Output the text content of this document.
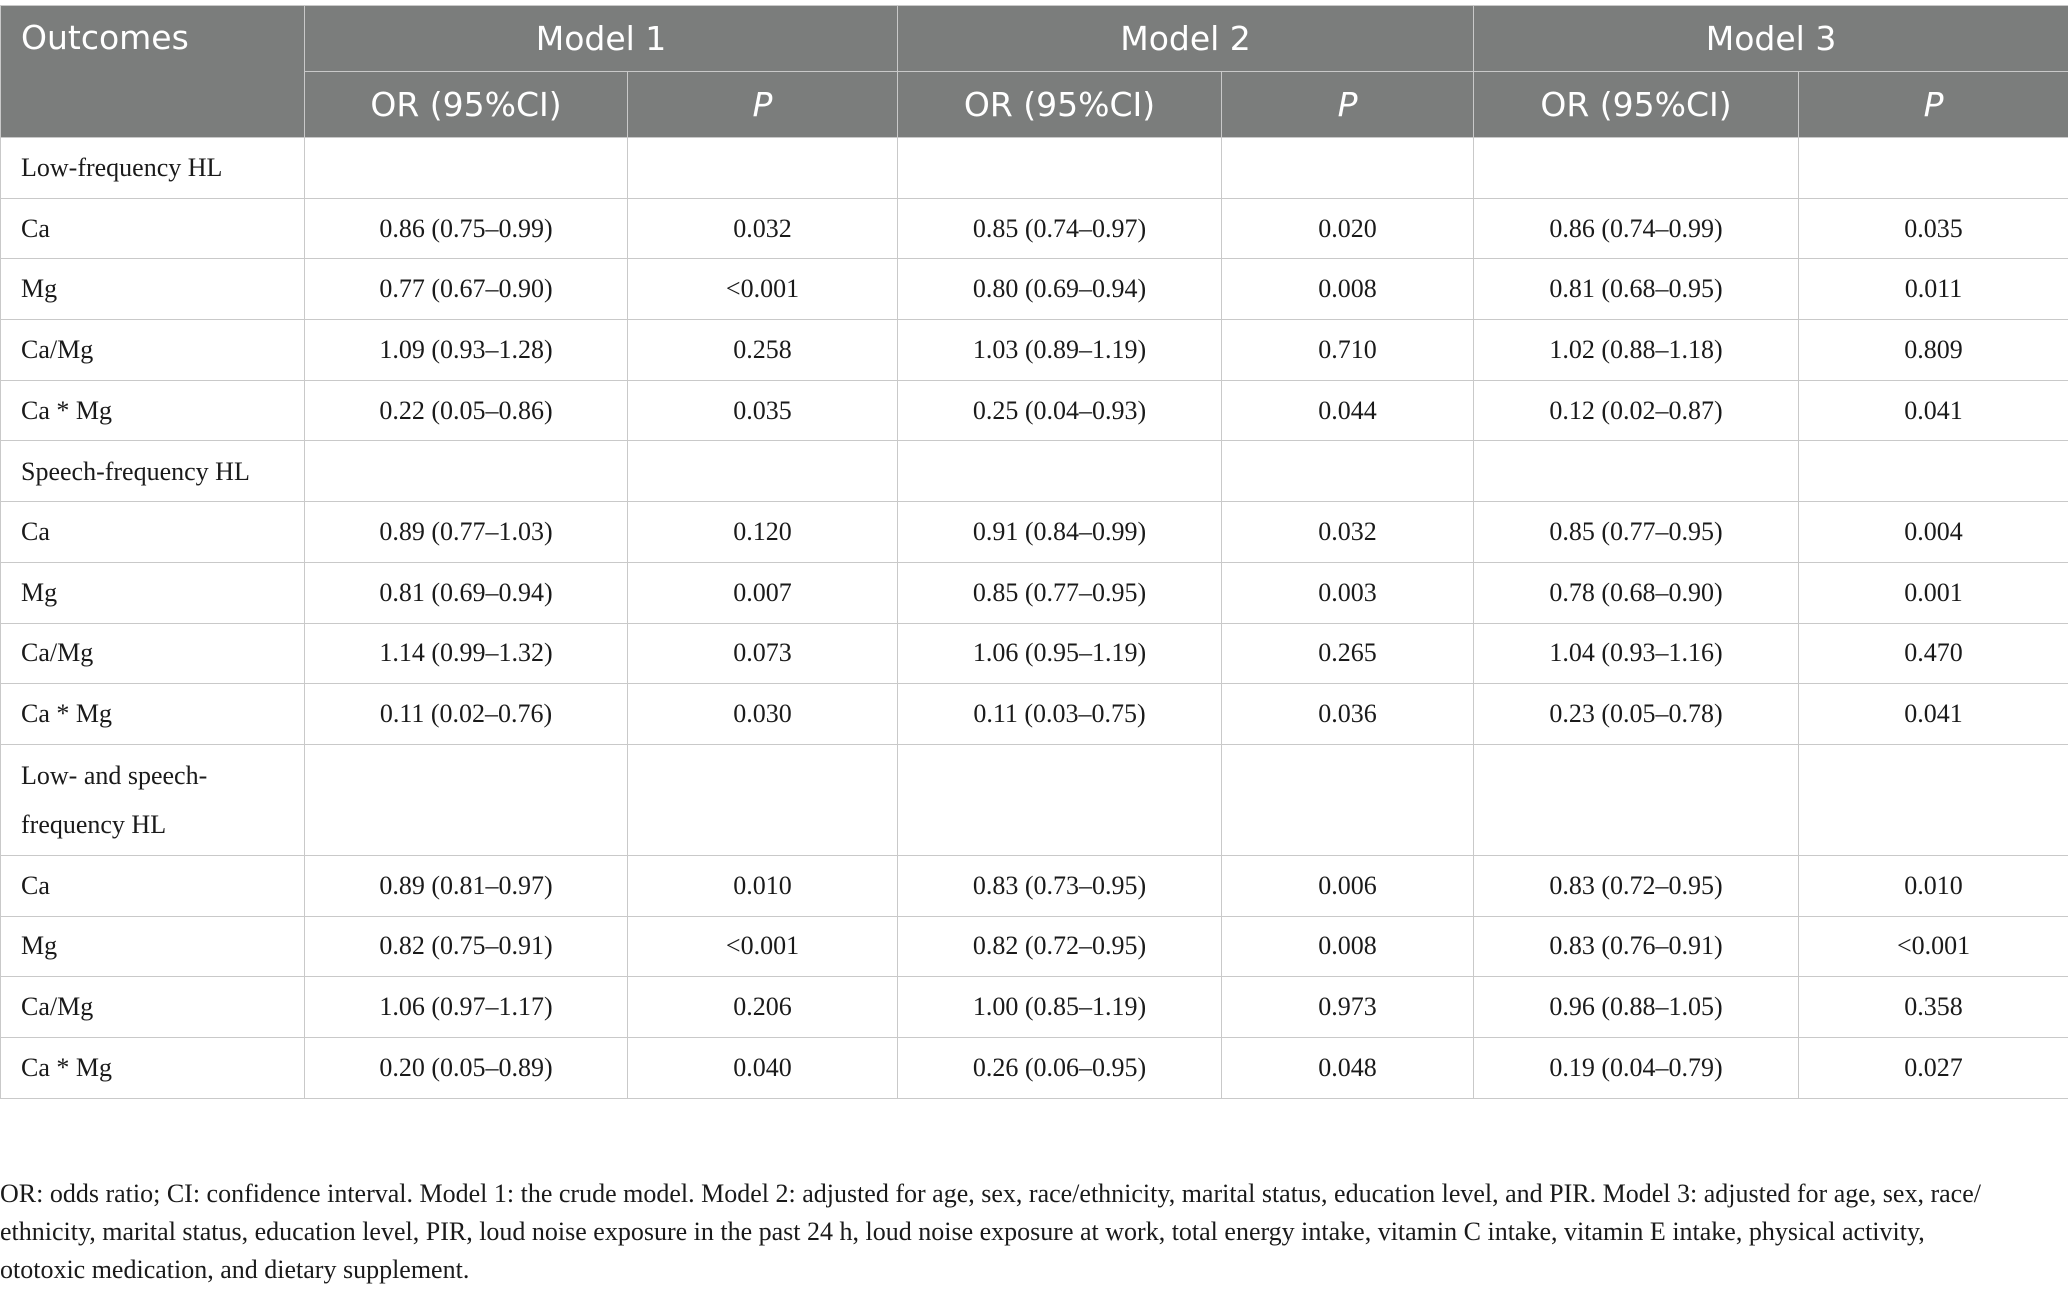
Outcomes	Model 1		Model 2		Model 3	
	OR (95%CI)	P	OR (95%CI)	P	OR (95%CI)	P
Low-frequency HL						
Ca	0.86 (0.75–0.99)	0.032	0.85 (0.74–0.97)	0.020	0.86 (0.74–0.99)	0.035
Mg	0.77 (0.67–0.90)	<0.001	0.80 (0.69–0.94)	0.008	0.81 (0.68–0.95)	0.011
Ca/Mg	1.09 (0.93–1.28)	0.258	1.03 (0.89–1.19)	0.710	1.02 (0.88–1.18)	0.809
Ca * Mg	0.22 (0.05–0.86)	0.035	0.25 (0.04–0.93)	0.044	0.12 (0.02–0.87)	0.041
Speech-frequency HL						
Ca	0.89 (0.77–1.03)	0.120	0.91 (0.84–0.99)	0.032	0.85 (0.77–0.95)	0.004
Mg	0.81 (0.69–0.94)	0.007	0.85 (0.77–0.95)	0.003	0.78 (0.68–0.90)	0.001
Ca/Mg	1.14 (0.99–1.32)	0.073	1.06 (0.95–1.19)	0.265	1.04 (0.93–1.16)	0.470
Ca * Mg	0.11 (0.02–0.76)	0.030	0.11 (0.03–0.75)	0.036	0.23 (0.05–0.78)	0.041
Low- and speech-
frequency HL						
Ca	0.89 (0.81–0.97)	0.010	0.83 (0.73–0.95)	0.006	0.83 (0.72–0.95)	0.010
Mg	0.82 (0.75–0.91)	<0.001	0.82 (0.72–0.95)	0.008	0.83 (0.76–0.91)	<0.001
Ca/Mg	1.06 (0.97–1.17)	0.206	1.00 (0.85–1.19)	0.973	0.96 (0.88–1.05)	0.358
Ca * Mg	0.20 (0.05–0.89)	0.040	0.26 (0.06–0.95)	0.048	0.19 (0.04–0.79)	0.027

OR: odds ratio; CI: confidence interval. Model 1: the crude model. Model 2: adjusted for age, sex, race/ethnicity, marital status, education level, and PIR. Model 3: adjusted for age, sex, race/
ethnicity, marital status, education level, PIR, loud noise exposure in the past 24 h, loud noise exposure at work, total energy intake, vitamin C intake, vitamin E intake, physical activity,
ototoxic medication, and dietary supplement.
